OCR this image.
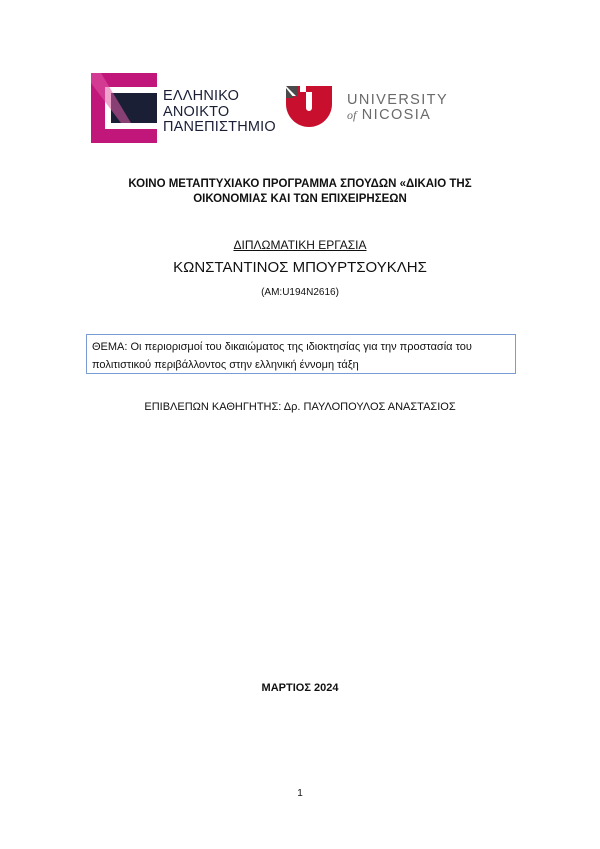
ΕΛΛΗΝΙΚΟ
ΑΝΟΙΚΤΟ
ΠΑΝΕΠΙΣΤΗΜΙΟ
UNIVERSITY
of NICOSIA
ΚΟΙΝΟ ΜΕΤΑΠΤΥΧΙΑΚΟ ΠΡΟΓΡΑΜΜΑ ΣΠΟΥΔΩΝ «ΔΙΚΑΙΟ ΤΗΣ
ΟΙΚΟΝΟΜΙΑΣ ΚΑΙ ΤΩΝ ΕΠΙΧΕΙΡΗΣΕΩΝ
ΔΙΠΛΩΜΑΤΙΚΗ ΕΡΓΑΣΙΑ
ΚΩΝΣΤΑΝΤΙΝΟΣ ΜΠΟΥΡΤΣΟΥΚΛΗΣ
(ΑΜ:U194N2616)
ΘΕΜΑ: Οι περιορισμοί του δικαιώματος της ιδιοκτησίας για την προστασία του
πολιτιστικού περιβάλλοντος στην ελληνική έννομη τάξη
ΕΠΙΒΛΕΠΩΝ ΚΑΘΗΓΗΤΗΣ: Δρ. ΠΑΥΛΟΠΟΥΛΟΣ ΑΝΑΣΤΑΣΙΟΣ
ΜΑΡΤΙΟΣ 2024
1
